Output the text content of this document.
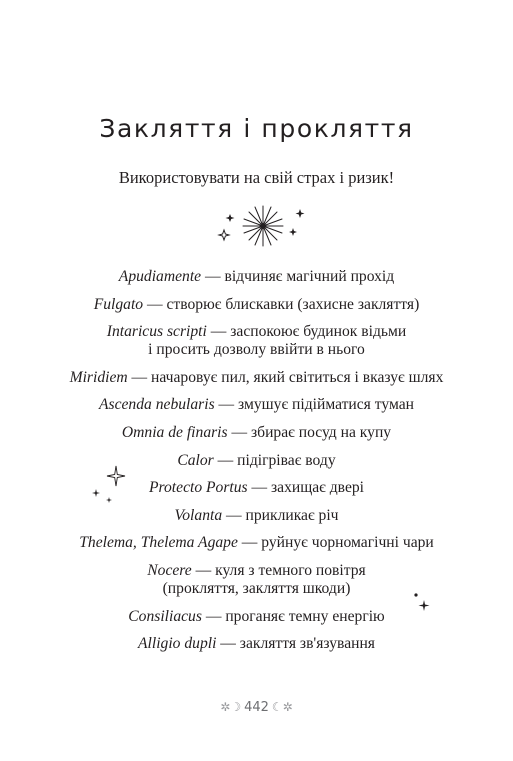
Закляття і прокляття
Використовувати на свій страх і ризик!
Apudiamente — відчиняє магічний прохід
Fulgato — створює блискавки (захисне закляття)
Intaricus scripti — заспокоює будинок відьми
і просить дозволу ввійти в нього
Miridiem — начаровує пил, який світиться і вказує шлях
Ascenda nebularis — змушує підійматися туман
Omnia de finaris — збирає посуд на купу
Calor — підігріває воду
Protecto Portus — захищає двері
Volanta — прикликає річ
Thelema, Thelema Agape — руйнує чорномагічні чари
Nocere — куля з темного повітря
(прокляття, закляття шкоди)
Consiliacus — проганяє темну енергію
Alligio dupli — закляття зв'язування
✲☽ 442 ☾✲
